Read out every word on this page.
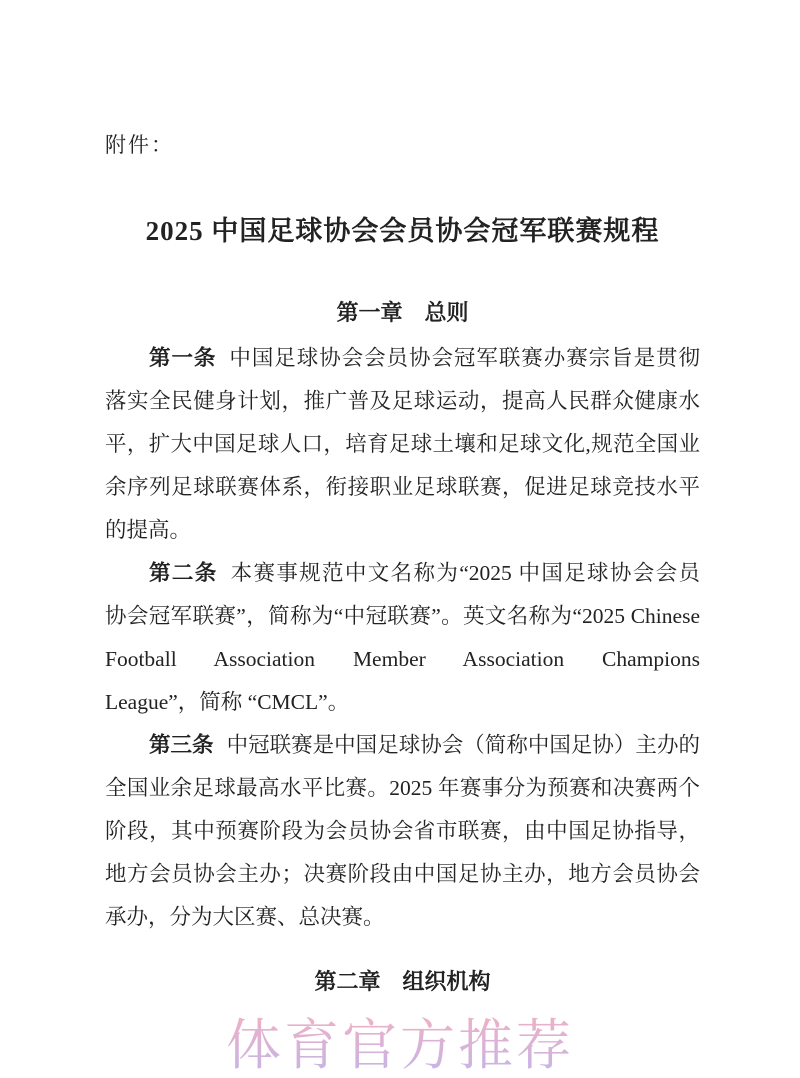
附件：
2025 中国足球协会会员协会冠军联赛规程
第一章　总则
第一条 中国足球协会会员协会冠军联赛办赛宗旨是贯彻
落实全民健身计划，推广普及足球运动，提高人民群众健康水
平，扩大中国足球人口，培育足球土壤和足球文化,规范全国业
余序列足球联赛体系，衔接职业足球联赛，促进足球竞技水平
的提高。
第二条 本赛事规范中文名称为“2025 中国足球协会会员
协会冠军联赛”，简称为“中冠联赛”。英文名称为“2025 Chinese
Football Association Member Association Champions
League”，简称 “CMCL”。
第三条 中冠联赛是中国足球协会（简称中国足协）主办的
全国业余足球最高水平比赛。2025 年赛事分为预赛和决赛两个
阶段，其中预赛阶段为会员协会省市联赛，由中国足协指导，
地方会员协会主办；决赛阶段由中国足协主办，地方会员协会
承办，分为大区赛、总决赛。
第二章　组织机构
体育官方推荐
